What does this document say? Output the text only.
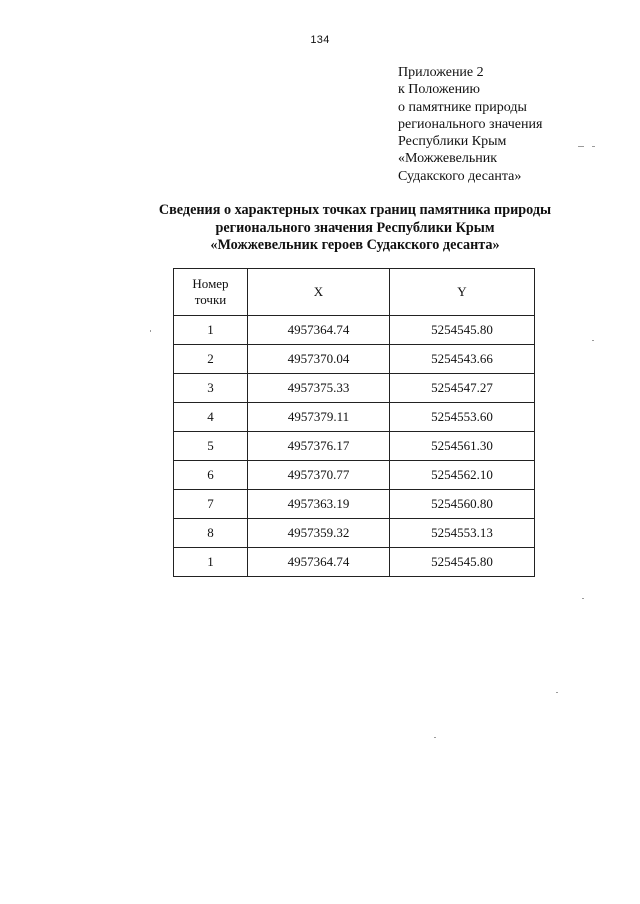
134
Приложение 2
к Положению
о памятнике природы
регионального значения
Республики Крым
«Можжевельник
Судакского десанта»
Сведения о характерных точках границ памятника природы
регионального значения Республики Крым
«Можжевельник героев Судакского десанта»
Номер
точки	X	Y
1	4957364.74	5254545.80
2	4957370.04	5254543.66
3	4957375.33	5254547.27
4	4957379.11	5254553.60
5	4957376.17	5254561.30
6	4957370.77	5254562.10
7	4957363.19	5254560.80
8	4957359.32	5254553.13
1	4957364.74	5254545.80
